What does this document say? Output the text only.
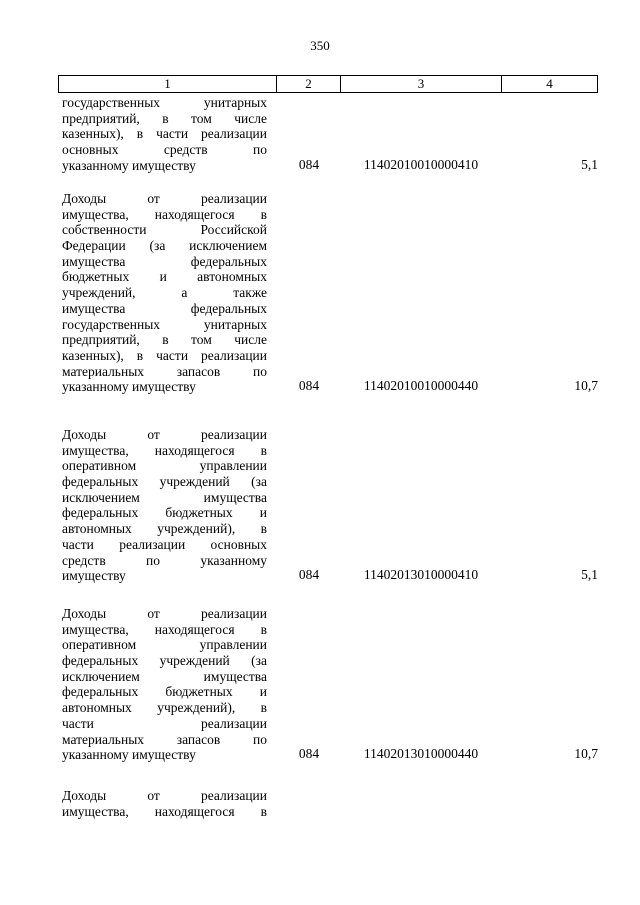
350
1	2	3	4
государственных унитарных
предприятий, в том числе
казенных), в части реализации
основных средств по
указанному имуществу	084	11402010010000410	5,1
Доходы от реализации
имущества, находящегося в
собственности Российской
Федерации (за исключением
имущества федеральных
бюджетных и автономных
учреждений, а также
имущества федеральных
государственных унитарных
предприятий, в том числе
казенных), в части реализации
материальных запасов по
указанному имуществу	084	11402010010000440	10,7
Доходы от реализации
имущества, находящегося в
оперативном управлении
федеральных учреждений (за
исключением имущества
федеральных бюджетных и
автономных учреждений), в
части реализации основных
средств по указанному
имуществу	084	11402013010000410	5,1
Доходы от реализации
имущества, находящегося в
оперативном управлении
федеральных учреждений (за
исключением имущества
федеральных бюджетных и
автономных учреждений), в
части реализации
материальных запасов по
указанному имуществу	084	11402013010000440	10,7
Доходы от реализации
имущества, находящегося в
